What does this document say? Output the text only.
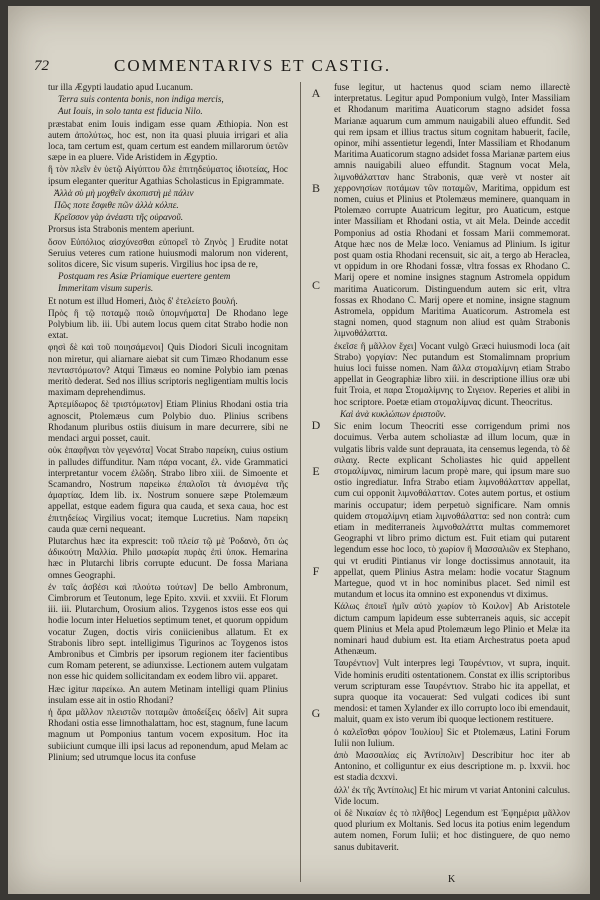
72	COMMENTARIVS ET CASTIG.

tur illa Ægypti laudatio apud Lucanum.

Terra suis contenta bonis, non indiga mercis,

Aut Iouis, in solo tanta est fiducia Nilo.

præstabat enim Iouis indigam esse quam Æthiopia. Non est autem ἀπολύτως, hoc est, non ita quasi pluuia irrigari et alia loca, tam certum est, quam certum est eandem millarorum ὑετῶν sæpe in ea pluere. Vide Aristidem in Ægyptio.

ἢ τὸν πλεῖν ἐν ὑετῷ Αἰγύπτου ὅλε ἐπιτηδεύματος ἰδιοτείας, Hoc ipsum eleganter queritur Agathias Scholasticus in Epigrammate.

Ἀλλὰ σὺ μὴ μοχθεῖν ἀκοπιστὴ μὲ πάλιν

Πῶς ποτε ἔσφιθε πῶν ἀλλὰ κόλπε.

Κρεῖσσον γὰρ ἀνέαστι τῆς οὐρανοῦ.

Prorsus ista Strabonis mentem aperiunt.

ὅσον Εὐπόλιος αἰσχύνεσθαι εὐπορεῖ τὸ Ζηνὸς ] Erudite notat Seruius veteres cum ratione huiusmodi malorum non viderent, solitos dicere, Sic visum superis. Virgilius hoc ipsa de re,

Postquam res Asiæ Priamique euertere gentem

Immeritam visum superis.

Et notum est illud Homeri, Διὸς δ' ἐτελείετο βουλή.

Πρὸς ἢ τῷ ποταμῷ ποιῶ ὑπομνήματα] De Rhodano lege Polybium lib. iii. Ubi autem locus quem citat Strabo hodie non extat.

φησὶ δὲ καὶ τοῦ ποιησάμενοι] Quis Diodori Siculi incognitam non miretur, qui aliarnare aiebat sit cum Timæo Rhodanum esse πενταστόμωτον? Atqui Timæus eo nomine Polybio iam pœnas meritò dederat. Sed nos illius scriptoris negligentiam multis locis maximam deprehendimus.

Ἀρτεμίδωρος δὲ τριστόμωτον] Etiam Plinius Rhodani ostia tria agnoscit, Ptolemæus cum Polybio duo. Plinius scribens Rhodanum pluribus ostiis diuisum in mare decurrere, sibi ne mendaci argui posset, cauit.

οὐκ ἐπαφῆναι τὸν γεγενότα] Vocat Strabo παρείκη, cuius ostium in palludes diffunditur. Nam πάρα vocant, ἐλ. vide Grammatici interpretantur vocem ἐλῶδη. Strabo libro xiii. de Simoente et Scamandro, Nostrum παρείκω ἐπαλοῖσι τὰ ἀνισμένα τῆς ἀμαρτίας. Idem lib. ix. Nostrum sonuere sæpe Ptolemæum appellat, estque eadem figura qua cauda, et sexa caua, hoc est ἐπιτηδείως Virgilius vocat; itemque Lucretius. Nam παρείκη cauda quæ cerni nequeant.

Plutarchus hæc ita exprescit: τοῦ πλείσ τῷ μὲ Ῥοδανὸ, ὅτι ὡς ἀδικούτη Μαλλία. Philo μασωρία πυρὰς ἐπὶ ὑποκ. Hemarina hæc in Plutarchi libris corrupte educunt. De fossa Mariana omnes Geographi.

ἐν ταῖς ἀσβέσι καὶ πλούτω τούτων] De bello Ambronum, Cimbrorum et Teutonum, lege Epito. xxvii. et xxviii. Et Florum iii. iii. Plutarchum, Orosium alios. Tzygenos istos esse eos qui hodie locum inter Heluetios septimum tenet, et quorum oppidum vocatur Zugen, doctis viris coniicienibus allatum. Et ex Strabonis libro sept. intelligimus Tigurinos ac Toygenos istos Ambronibus et Cimbris per ipsorum regionem iter facientibus cum Romam peterent, se adiunxisse. Lectionem autem vulgatam non esse hic quidem sollicitandam ex eodem libro vii. apparet.

Hæc igitur παρείκω. An autem Metinam intelligi quam Plinius insulam esse ait in ostio Rhodani?

ἡ ἄρα μᾶλλον πλειστῶν ποταμῶν ἀποδείξεις ὁδεῖν] Ait supra Rhodani ostia esse limnothalattam, hoc est, stagnum, fune lacum magnum ut Pomponius tantum vocem expositum. Hoc ita subiiciunt cumque illi ipsi lacus ad reponendum, apud Melam ac Plinium; sed utrumque locus ita confuse

A
B
C
D
E
F
G

fuse legitur, ut hactenus quod sciam nemo illarectè interpretatus. Legitur apud Pomponium vulgò, Inter Massiliam et Rhodanum maritima Auaticorum stagno adsidet fossa Marianæ aquarum cum ammum nauigabili alueo effundit. Sed qui rem ipsam et illius tractus situm cognitam habuerit, facile, opinor, mihi assentietur legendi, Inter Massiliam et Rhodanum Maritima Auaticorum stagno adsidet fossa Marianæ partem eius amnis nauigabili alueo effundit. Stagnum vocat Mela, λιμνοθάλατταν hanc Strabonis, quæ verè vt noster ait χερρονησίων ποτάμων τῶν ποταμῶν, Maritima, oppidum est nomen, cuius et Plinius et Ptolemæus meminere, quanquam in Ptolemæo corrupte Auatricum legitur, pro Auaticum, estque inter Massiliam et Rhodani ostia, vt ait Mela. Deinde accedit Pomponius ad ostia Rhodani et fossam Marii commemorat. Atque hæc nos de Melæ loco. Veniamus ad Plinium. Is igitur post quam ostia Rhodani recensuit, sic ait, a tergo ab Heraclea, vt oppidum in ore Rhodani fossæ, vltra fossas ex Rhodano C. Marij opere et nomine insignes stagnum Astromela oppidum maritima Auaticorum. Distinguendum autem sic erit, vltra fossas ex Rhodano C. Marij opere et nomine, insigne stagnum Astromela, oppidum Maritima Auaticorum. Astromela est stagni nomen, quod stagnum non aliud est quàm Strabonis λιμνοθάλαττα.

ἐκεῖσε ἢ μᾶλλον ἔχει] Vocant vulgò Græci huiusmodi loca (ait Strabo) γοργίαν: Nec putandum est Stomalimnam proprium huius loci fuisse nomen. Nam ἄλλα στομαλίμνη etiam Strabo appellat in Geographiæ libro xiii. in descriptione illius oræ ubi fuit Troia, et παρα Στομαλίμνης το Σιγειον. Reperies et alibi in hoc scriptore. Poetæ etiam στομαλίμνας dicunt. Theocritus.

Καὶ ἀνὰ κυκλώπων ἐριστοῦν.

Sic enim locum Theocriti esse corrigendum primi nos docuimus. Verba autem scholiastæ ad illum locum, quæ in vulgatis libris valde sunt deprauata, ita censemus legenda, τὸ δὲ σιλαιχ. Recte explicant Scholiastes hic quid appellent στομαλίμνας, nimirum lacum propè mare, qui ipsum mare suo ostio ingrediatur. Infra Strabo etiam λιμνοθάλατταν appellat, cum cui opponit λιμνοθάλατταν. Cotes autem portus, et ostium marinis occupatur; idem perpetuò significare. Nam omnis quidem στομαλίμνη etiam λιμνοθάλαττα: sed non contrà: cum etiam in mediterraneis λιμνοθαλάττα multas commemoret Geographi vt libro primo dictum est. Fuit etiam qui putarent legendum esse hoc loco, τὸ χωρίον ἢ Μασσαλιῶν ex Stephano, qui vt eruditi Pintianus vir longe doctissimus annotauit, ita appellat, quem Plinius Astra melam: hodie vocatur Stagnum Martegue, quod vt in hoc nominibus placet. Sed nimil est mutandum et locus ita omnino est exponendus vt diximus.

Κάλως ἐποιεῖ ἡμῖν αὐτὸ χωρίον τὸ Κοιλον] Ab Aristotele dictum campum lapideum esse subterraneis aquis, sic accepit quem Plinius et Mela apud Ptolemæum lego Plinio et Melæ ita nominari haud dubium est. Ita etiam Archestratus poeta apud Athenæum.

Ταυρέντιον] Vult interpres legi Ταυρέντιον, vt supra, inquit. Vide hominis eruditi ostentationem. Constat ex illis scriptoribus verum scripturam esse Ταυρέντιον. Strabo hic ita appellat, et supra quoque ita vocauerat: Sed vulgati codices ibi sunt mendosi: et tamen Xylander ex illo corrupto loco ibi emendauit, maluit, quam ex isto verum ibi quoque lectionem restituere.

ὁ καλεῖσθαι φόρον Ἰουλίου] Sic et Ptolemæus, Latini Forum Iulii non Iulium.

ἀπὸ Μασσαλίας εἰς Ἀντίπολιν] Describitur hoc iter ab Antonino, et colliguntur ex eius descriptione m. p. lxxvii. hoc est stadia dcxxvi.

ἀλλ' ἐκ τῆς Ἀντίπολις] Et hic mirum vt variat Antonini calculus. Vide locum.

οἱ δὲ Νικαίαν ἐς τὸ πλῆθος] Legendum est Ἐφημέρια μᾶλλον quod plurium ex Moltanis. Sed locus ita potius enim legendum autem nomen, Forum Iulii; et hoc distinguere, de quo nemo sanus dubitaverit.

K
